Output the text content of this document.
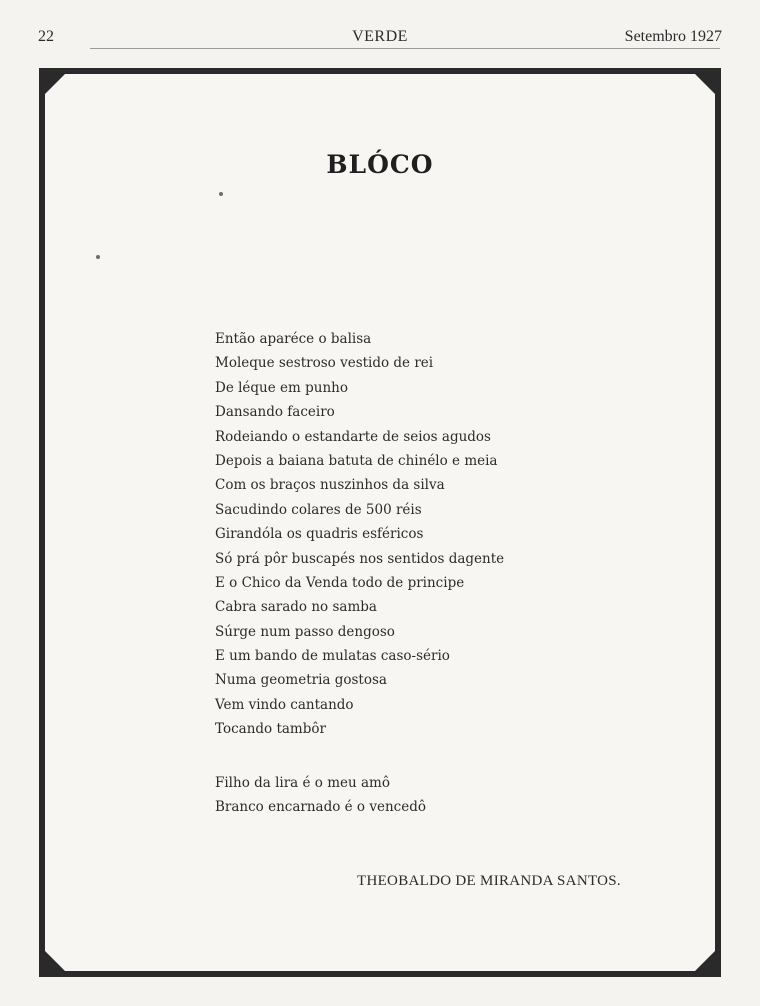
22	VERDE	Setembro 1927
BLÓCO
Então aparéce o balisa
Moleque sestroso vestido de rei
De léque em punho
Dansando faceiro
Rodeiando o estandarte de seios agudos
Depois a baiana batuta de chinélo e meia
Com os braços nuszinhos da silva
Sacudindo colares de 500 réis
Girandóla os quadris esféricos
Só prá pôr buscapés nos sentidos dagente
E o Chico da Venda todo de principe
Cabra sarado no samba
Súrge num passo dengoso
E um bando de mulatas caso-sério
Numa geometria gostosa
Vem vindo cantando
Tocando tambôr
Filho da lira é o meu amô
Branco encarnado é o vencedô
THEOBALDO DE MIRANDA SANTOS.
